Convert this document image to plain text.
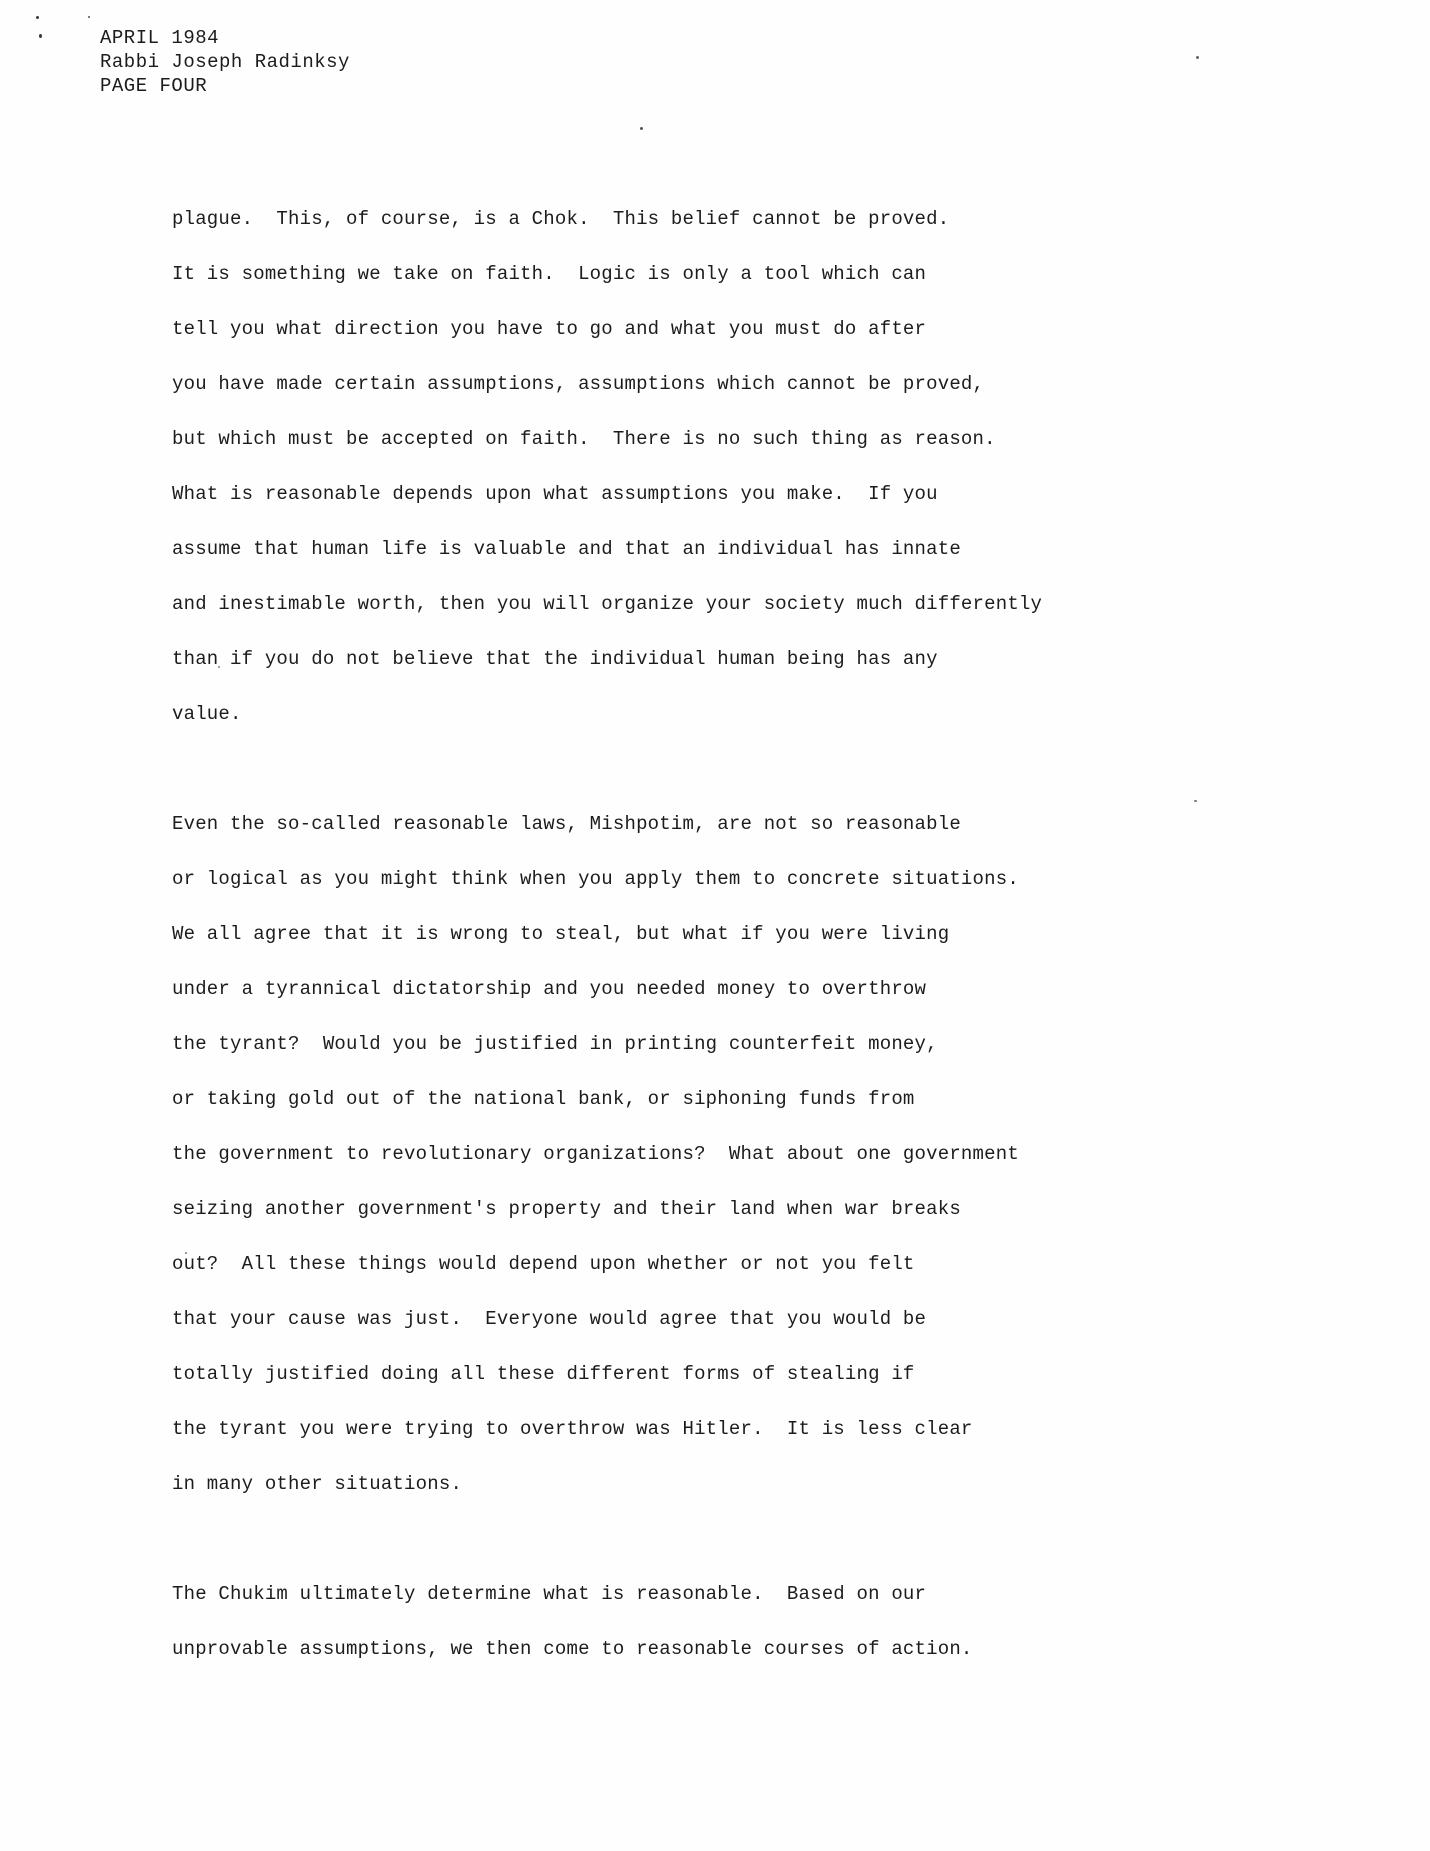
APRIL 1984
Rabbi Joseph Radinksy
PAGE FOUR
plague.  This, of course, is a Chok.  This belief cannot be proved.
It is something we take on faith.  Logic is only a tool which can
tell you what direction you have to go and what you must do after
you have made certain assumptions, assumptions which cannot be proved,
but which must be accepted on faith.  There is no such thing as reason.
What is reasonable depends upon what assumptions you make.  If you
assume that human life is valuable and that an individual has innate
and inestimable worth, then you will organize your society much differently
than if you do not believe that the individual human being has any
value.
Even the so-called reasonable laws, Mishpotim, are not so reasonable
or logical as you might think when you apply them to concrete situations.
We all agree that it is wrong to steal, but what if you were living
under a tyrannical dictatorship and you needed money to overthrow
the tyrant?  Would you be justified in printing counterfeit money,
or taking gold out of the national bank, or siphoning funds from
the government to revolutionary organizations?  What about one government
seizing another government's property and their land when war breaks
out?  All these things would depend upon whether or not you felt
that your cause was just.  Everyone would agree that you would be
totally justified doing all these different forms of stealing if
the tyrant you were trying to overthrow was Hitler.  It is less clear
in many other situations.
The Chukim ultimately determine what is reasonable.  Based on our
unprovable assumptions, we then come to reasonable courses of action.
